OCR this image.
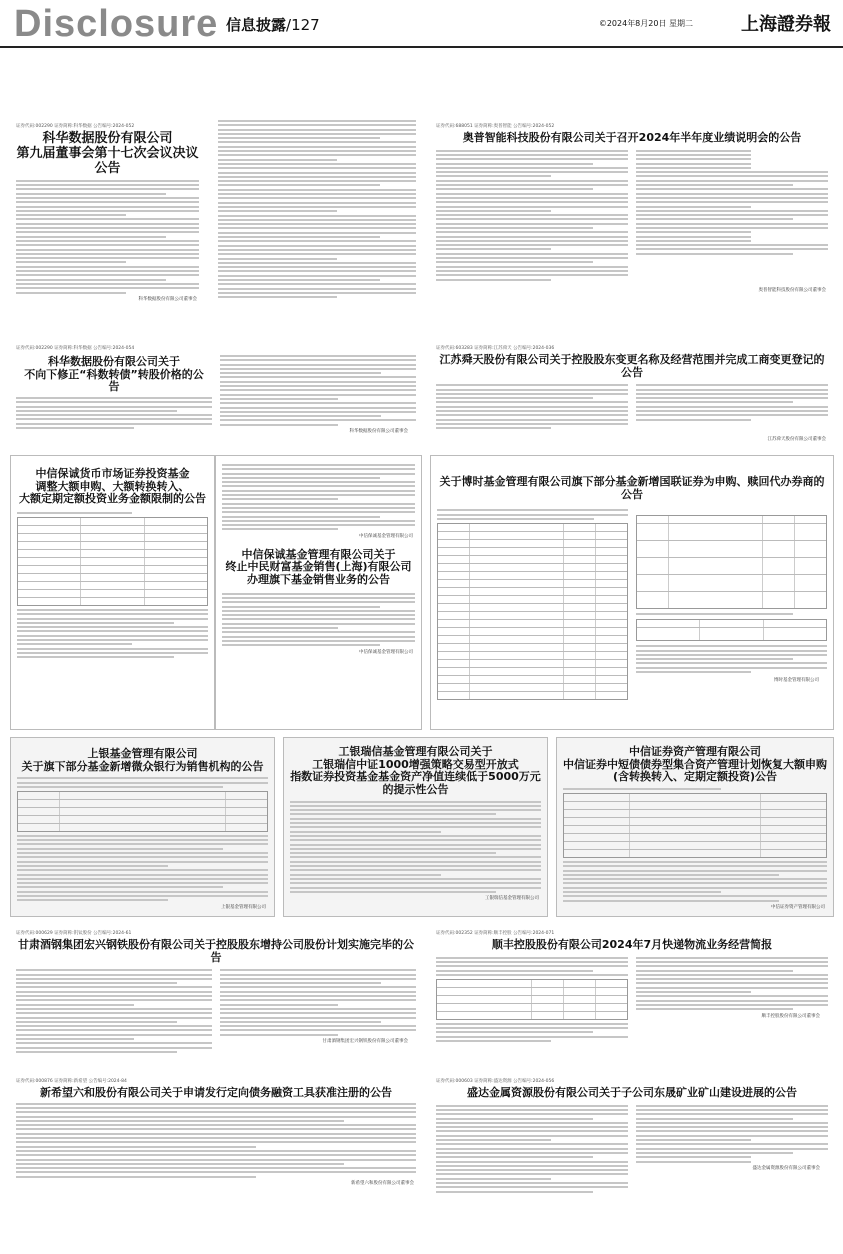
Disclosure 信息披露/127	©2024年8月20日 星期二	上海證券報
证券代码:002290 证券简称:科华数据 公告编号:2024-052
科华数据股份有限公司
第九届董事会第十七次会议决议公告
科华数据股份有限公司董事会
证券代码:002290 证券简称:科华数据 公告编号:2024-054
科华数据股份有限公司关于
不向下修正“科数转债”转股价格的公告
科华数据股份有限公司董事会
证券代码:688051 证券简称:奥普智能 公告编号:2024-052
奥普智能科技股份有限公司关于召开2024年半年度业绩说明会的公告
奥普智能科技股份有限公司董事会
证券代码:603283 证券简称:江苏舜天 公告编号:2024-036
江苏舜天股份有限公司关于控股股东变更名称及经营范围并完成工商变更登记的公告
江苏舜天股份有限公司董事会
中信保诚货币市场证券投资基金
调整大额申购、大额转换转入、
大额定期定额投资业务金额限制的公告
中信保诚基金管理有限公司
中信保诚基金管理有限公司关于
终止中民财富基金销售(上海)有限公司
办理旗下基金销售业务的公告
中信保诚基金管理有限公司
关于博时基金管理有限公司旗下部分基金新增国联证券为申购、赎回代办券商的公告
博时基金管理有限公司
上银基金管理有限公司
关于旗下部分基金新增微众银行为销售机构的公告
上银基金管理有限公司
工银瑞信基金管理有限公司关于
工银瑞信中证1000增强策略交易型开放式
指数证券投资基金基金资产净值连续低于5000万元
的提示性公告
工银瑞信基金管理有限公司
中信证券资产管理有限公司
中信证券中短债债券型集合资产管理计划恢复大额申购
(含转换转入、定期定额投资)公告
中信证券资产管理有限公司
证券代码:000629 证券简称:钒钛股份 公告编号:2024-61
甘肃酒钢集团宏兴钢铁股份有限公司关于控股股东增持公司股份计划实施完毕的公告
甘肃酒钢集团宏兴钢铁股份有限公司董事会
证券代码:002352 证券简称:顺丰控股 公告编号:2024-071
顺丰控股股份有限公司2024年7月快递物流业务经营简报
顺丰控股股份有限公司董事会
证券代码:000876 证券简称:新希望 公告编号:2024-84
新希望六和股份有限公司关于申请发行定向债务融资工具获准注册的公告
新希望六和股份有限公司董事会
证券代码:000603 证券简称:盛达资源 公告编号:2024-056
盛达金属资源股份有限公司关于子公司东晟矿业矿山建设进展的公告
盛达金属资源股份有限公司董事会
